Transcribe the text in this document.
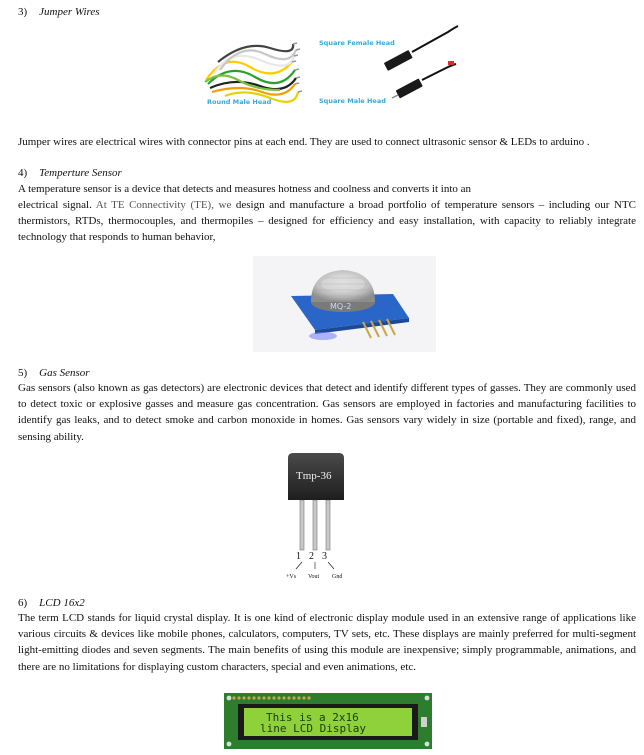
3) Jumper Wires
Round Male Head
Square Female Head
Square Male Head
Jumper wires are electrical wires with connector pins at each end. They are used to connect ultrasonic sensor & LEDs to arduino .
4) Temperture Sensor
A temperature sensor is a device that detects and measures hotness and coolness and converts it into an
electrical signal. At TE Connectivity (TE), we design and manufacture a broad portfolio of temperature sensors – including our NTC thermistors, RTDs, thermocouples, and thermopiles – designed for efficiency and easy installation, with capacity to reliably integrate technology that responds to human behavior,
MQ-2
5) Gas Sensor
Gas sensors (also known as gas detectors) are electronic devices that detect and identify different types of gasses. They are commonly used to detect toxic or explosive gasses and measure gas concentration. Gas sensors are employed in factories and manufacturing facilities to identify gas leaks, and to detect smoke and carbon monoxide in homes. Gas sensors vary widely in size (portable and fixed), range, and sensing ability.
Tmp-36
1 2 3
+Vs Vout Gnd
6) LCD 16x2
The term LCD stands for liquid crystal display. It is one kind of electronic display module used in an extensive range of applications like various circuits & devices like mobile phones, calculators, computers, TV sets, etc. These displays are mainly preferred for multi-segment light-emitting diodes and seven segments. The main benefits of using this module are inexpensive; simply programmable, animations, and there are no limitations for displaying custom characters, special and even animations, etc.
This is a 2x16
line LCD Display
